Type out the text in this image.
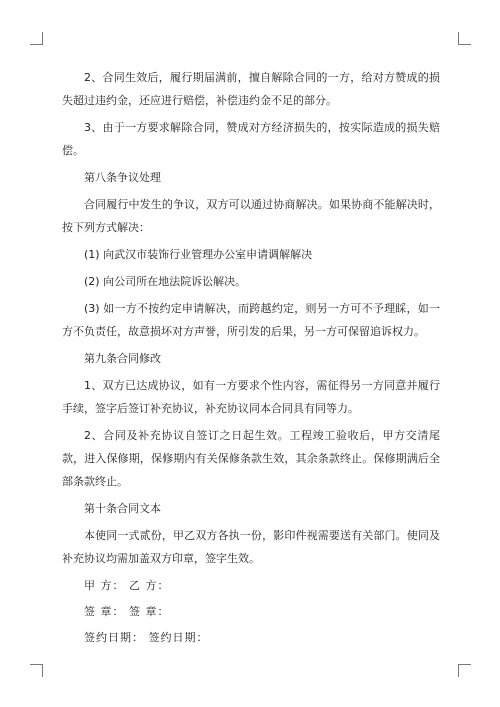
2、合同生效后，履行期届满前，擅自解除合同的一方，给对方赞成的损失超过违约金，还应进行赔偿，补偿违约金不足的部分。

3、由于一方要求解除合同，赞成对方经济损失的，按实际造成的损失赔偿。

第八条争议处理

合同履行中发生的争议，双方可以通过协商解决。如果协商不能解决时，按下列方式解决：

(1) 向武汉市装饰行业管理办公室申请调解解决

(2) 向公司所在地法院诉讼解决。

(3) 如一方不按约定申请解决，而跨越约定，则另一方可不予理睬，如一方不负责任，故意损坏对方声誉，所引发的后果，另一方可保留追诉权力。

第九条合同修改

1、双方已达成协议，如有一方要求个性内容，需征得另一方同意并履行手续，签字后签订补充协议，补充协议同本合同具有同等力。

2、合同及补充协议自签订之日起生效。工程竣工验收后，甲方交清尾款，进入保修期，保修期内有关保修条款生效，其余条款终止。保修期满后全部条款终止。

第十条合同文本

本使同一式贰份，甲乙双方各执一份，影印件视需要送有关部门。使同及补充协议均需加盖双方印章，签字生效。

甲 方： 乙 方：

签 章： 签 章：

签约日期： 签约日期：
